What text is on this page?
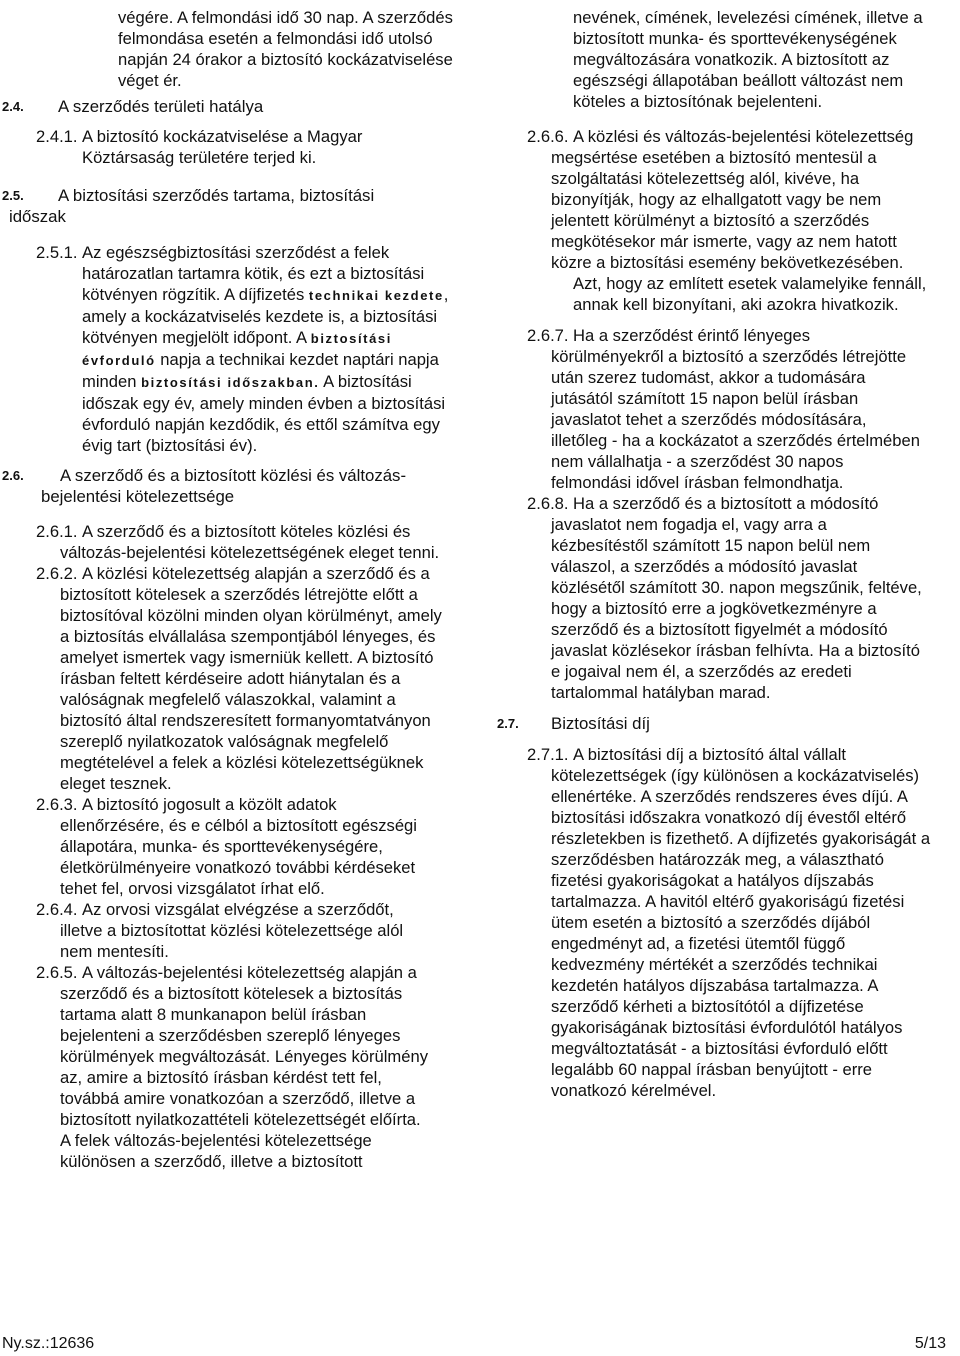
végére. A felmondási idő 30 nap. A szerződés felmondása esetén a felmondási idő utolsó napján 24 órakor a biztosító kockázatviselése véget ér.

2.4. A szerződés területi hatálya

2.4.1. A biztosító kockázatviselése a Magyar Köztársaság területére terjed ki.

2.5. A biztosítási szerződés tartama, biztosítási
időszak

2.5.1. Az egészségbiztosítási szerződést a felek határozatlan tartamra kötik, és ezt a biztosítási kötvényen rögzítik. A díjfizetés technikai kezdete, amely a kockázatviselés kezdete is, a biztosítási kötvényen megjelölt időpont. A biztosítási évforduló napja a technikai kezdet naptári napja minden biztosítási időszakban. A biztosítási időszak egy év, amely minden évben a biztosítási évforduló napján kezdődik, és ettől számítva egy évig tart (biztosítási év).

2.6. A szerződő és a biztosított közlési és változás-
bejelentési kötelezettsége

2.6.1. A szerződő és a biztosított köteles közlési és változás-bejelentési kötelezettségének eleget tenni.

2.6.2. A közlési kötelezettség alapján a szerződő és a biztosított kötelesek a szerződés létrejötte előtt a biztosítóval közölni minden olyan körülményt, amely a biztosítás elvállalása szempontjából lényeges, és amelyet ismertek vagy ismerniük kellett. A biztosító írásban feltett kérdéseire adott hiánytalan és a valóságnak megfelelő válaszokkal, valamint a biztosító által rendszeresített formanyomtatványon szereplő nyilatkozatok valóságnak megfelelő megtételével a felek a közlési kötelezettségüknek eleget tesznek.

2.6.3. A biztosító jogosult a közölt adatok ellenőrzésére, és e célból a biztosított egészségi állapotára, munka- és sporttevékenységére, életkörülményeire vonatkozó további kérdéseket tehet fel, orvosi vizsgálatot írhat elő.

2.6.4. Az orvosi vizsgálat elvégzése a szerződőt, illetve a biztosítottat közlési kötelezettsége alól nem mentesíti.

2.6.5. A változás-bejelentési kötelezettség alapján a szerződő és a biztosított kötelesek a biztosítás tartama alatt 8 munkanapon belül írásban bejelenteni a szerződésben szereplő lényeges körülmények megváltozását. Lényeges körülmény az, amire a biztosító írásban kérdést tett fel, továbbá amire vonatkozóan a szerződő, illetve a biztosított nyilatkozattételi kötelezettségét előírta. A felek változás-bejelentési kötelezettsége különösen a szerződő, illetve a biztosított

nevének, címének, levelezési címének, illetve a biztosított munka- és sporttevékenységének megváltozására vonatkozik. A biztosított az egészségi állapotában beállott változást nem köteles a biztosítónak bejelenteni.

2.6.6. A közlési és változás-bejelentési kötelezettség megsértése esetében a biztosító mentesül a szolgáltatási kötelezettség alól, kivéve, ha bizonyítják, hogy az elhallgatott vagy be nem jelentett körülményt a biztosító a szerződés megkötésekor már ismerte, vagy az nem hatott közre a biztosítási esemény bekövetkezésében.
Azt, hogy az említett esetek valamelyike fennáll, annak kell bizonyítani, aki azokra hivatkozik.

2.6.7. Ha a szerződést érintő lényeges körülményekről a biztosító a szerződés létrejötte után szerez tudomást, akkor a tudomására jutásától számított 15 napon belül írásban javaslatot tehet a szerződés módosítására, illetőleg - ha a kockázatot a szerződés értelmében nem vállalhatja - a szerződést 30 napos felmondási idővel írásban felmondhatja.

2.6.8. Ha a szerződő és a biztosított a módosító javaslatot nem fogadja el, vagy arra a kézbesítéstől számított 15 napon belül nem válaszol, a szerződés a módosító javaslat közlésétől számított 30. napon megszűnik, feltéve, hogy a biztosító erre a jogkövetkezményre a szerződő és a biztosított figyelmét a módosító javaslat közlésekor írásban felhívta. Ha a biztosító e jogaival nem él, a szerződés az eredeti tartalommal hatályban marad.

2.7. Biztosítási díj

2.7.1. A biztosítási díj a biztosító által vállalt kötelezettségek (így különösen a kockázatviselés) ellenértéke. A szerződés rendszeres éves díjú. A biztosítási időszakra vonatkozó díj évestől eltérő részletekben is fizethető. A díjfizetés gyakoriságát a szerződésben határozzák meg, a választható fizetési gyakoriságokat a hatályos díjszabás tartalmazza. A havitól eltérő gyakoriságú fizetési ütem esetén a biztosító a szerződés díjából engedményt ad, a fizetési ütemtől függő kedvezmény mértékét a szerződés technikai kezdetén hatályos díjszabása tartalmazza. A szerződő kérheti a biztosítótól a díjfizetése gyakoriságának biztosítási évfordulótól hatályos megváltoztatását - a biztosítási évforduló előtt legalább 60 nappal írásban benyújtott - erre vonatkozó kérelmével.

Ny.sz.:12636	5/13
